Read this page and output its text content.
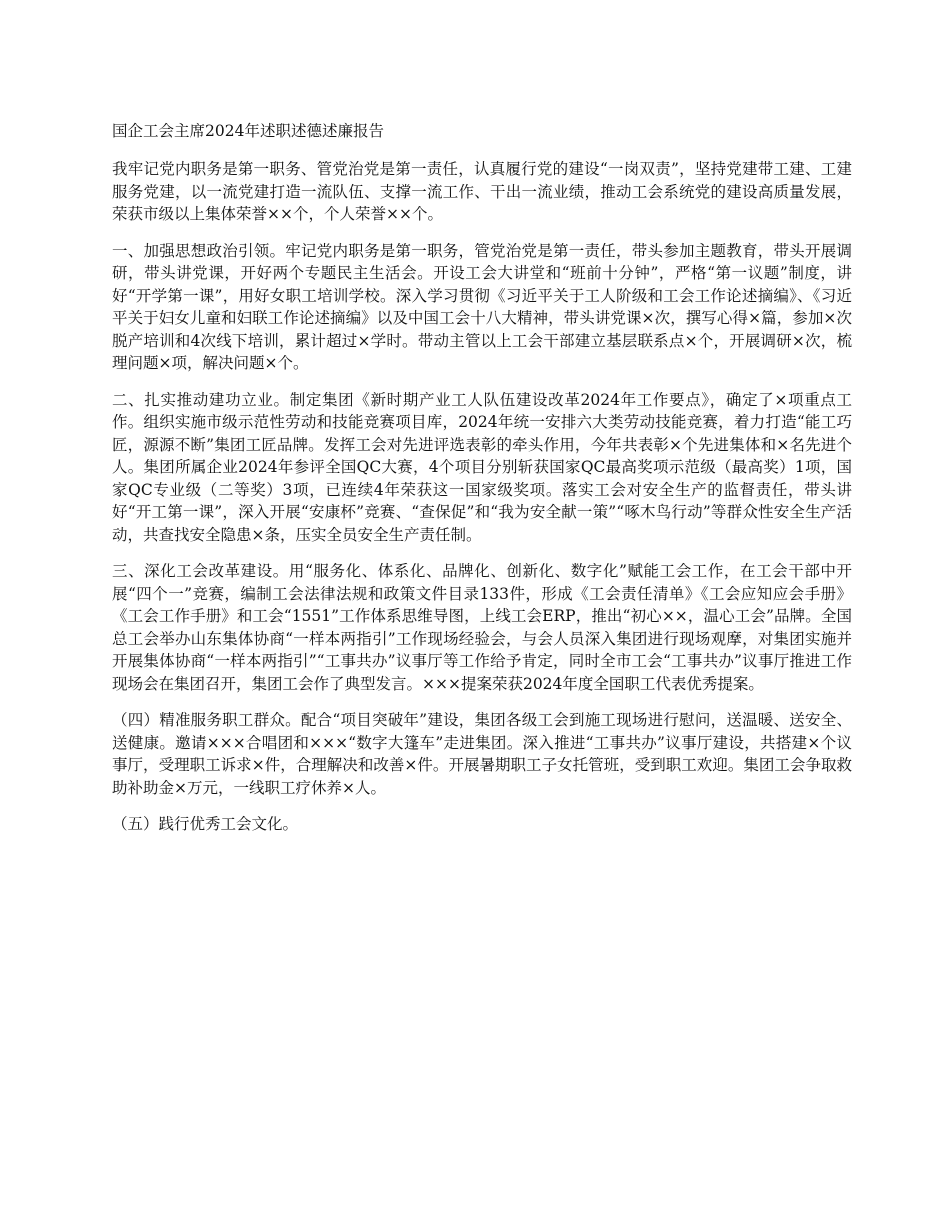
国企工会主席2024年述职述德述廉报告

我牢记党内职务是第一职务、管党治党是第一责任，认真履行党的建设“一岗双责”，坚持党建带工建、工建服务党建，以一流党建打造一流队伍、支撑一流工作、干出一流业绩，推动工会系统党的建设高质量发展，荣获市级以上集体荣誉××个，个人荣誉××个。

一、加强思想政治引领。牢记党内职务是第一职务，管党治党是第一责任，带头参加主题教育，带头开展调研，带头讲党课，开好两个专题民主生活会。开设工会大讲堂和“班前十分钟”，严格“第一议题”制度，讲好“开学第一课”，用好女职工培训学校。深入学习贯彻《习近平关于工人阶级和工会工作论述摘编》、《习近平关于妇女儿童和妇联工作论述摘编》以及中国工会十八大精神，带头讲党课×次，撰写心得×篇，参加×次脱产培训和4次线下培训，累计超过×学时。带动主管以上工会干部建立基层联系点×个，开展调研×次，梳理问题×项，解决问题×个。

二、扎实推动建功立业。制定集团《新时期产业工人队伍建设改革2024年工作要点》，确定了×项重点工作。组织实施市级示范性劳动和技能竞赛项目库，2024年统一安排六大类劳动技能竞赛，着力打造“能工巧匠，源源不断”集团工匠品牌。发挥工会对先进评选表彰的牵头作用，今年共表彰×个先进集体和×名先进个人。集团所属企业2024年参评全国QC大赛，4个项目分别斩获国家QC最高奖项示范级（最高奖）1项，国家QC专业级（二等奖）3项，已连续4年荣获这一国家级奖项。落实工会对安全生产的监督责任，带头讲好“开工第一课”，深入开展“安康杯”竞赛、“查保促”和“我为安全献一策”“啄木鸟行动”等群众性安全生产活动，共查找安全隐患×条，压实全员安全生产责任制。

三、深化工会改革建设。用“服务化、体系化、品牌化、创新化、数字化”赋能工会工作，在工会干部中开展“四个一”竞赛，编制工会法律法规和政策文件目录133件，形成《工会责任清单》《工会应知应会手册》《工会工作手册》和工会“1551”工作体系思维导图，上线工会ERP，推出“初心××，温心工会”品牌。全国总工会举办山东集体协商“一样本两指引”工作现场经验会，与会人员深入集团进行现场观摩，对集团实施并开展集体协商“一样本两指引”“工事共办”议事厅等工作给予肯定，同时全市工会“工事共办”议事厅推进工作现场会在集团召开，集团工会作了典型发言。×××提案荣获2024年度全国职工代表优秀提案。

（四）精准服务职工群众。配合“项目突破年”建设，集团各级工会到施工现场进行慰问，送温暖、送安全、送健康。邀请×××合唱团和×××“数字大篷车”走进集团。深入推进“工事共办”议事厅建设，共搭建×个议事厅，受理职工诉求×件，合理解决和改善×件。开展暑期职工子女托管班，受到职工欢迎。集团工会争取救助补助金×万元，一线职工疗休养×人。

（五）践行优秀工会文化。
